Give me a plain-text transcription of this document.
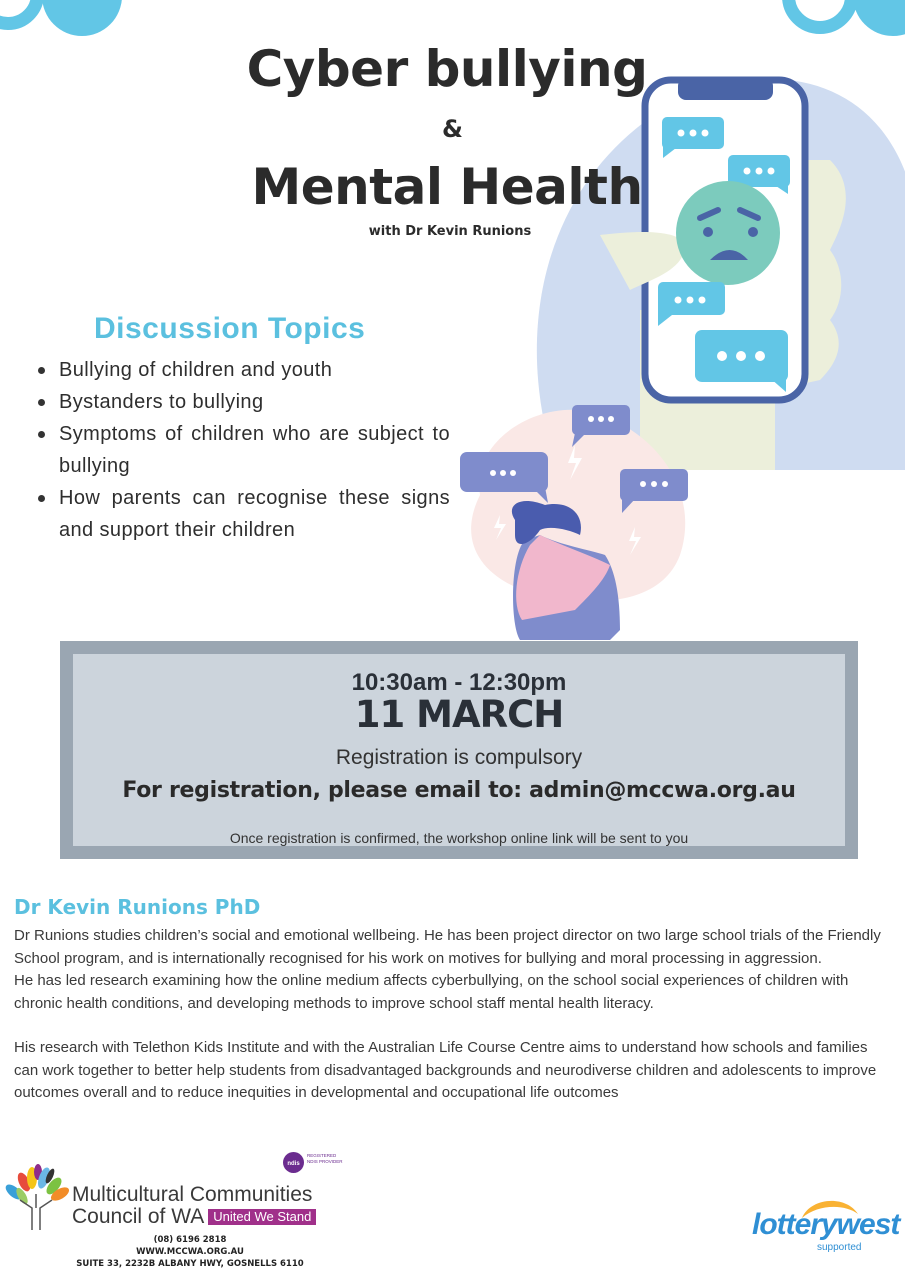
Cyber bullying
&
Mental Health
with Dr Kevin Runions
Discussion Topics
Bullying of children and youth
Bystanders to bullying
Symptoms of children who are subject to bullying
How parents can recognise these signs and support their children
10:30am - 12:30pm
11 MARCH
Registration is compulsory
For registration, please email to: admin@mccwa.org.au
Once registration is confirmed, the workshop online link will be sent to you
Dr Kevin Runions PhD

Dr Runions studies children’s social and emotional wellbeing. He has been project director on two large school trials of the Friendly School program, and is internationally recognised for his work on motives for bullying and moral processing in aggression.

He has led research examining how the online medium affects cyberbullying, on the school social experiences of children with chronic health conditions, and developing methods to improve school staff mental health literacy.

His research with Telethon Kids Institute and with the Australian Life Course Centre aims to understand how schools and families can work together to better help students from disadvantaged backgrounds and neurodiverse children and adolescents to improve outcomes overall and to reduce inequities in developmental and occupational life outcomes

Multicultural Communities
Council of WA United We Stand
(08) 6196 2818
WWW.MCCWA.ORG.AU
SUITE 33, 2232B ALBANY HWY, GOSNELLS 6110
ndis
REGISTERED NDIS PROVIDER
lotterywest
supported
